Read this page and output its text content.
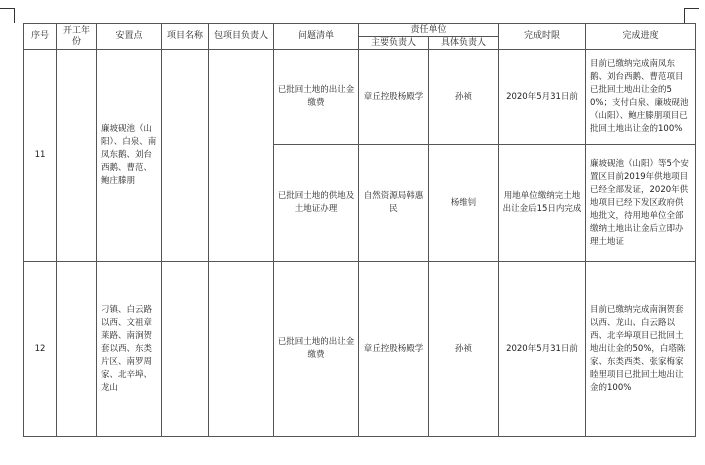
序号	开工年份	安置点	项目名称	包项目负责人	问题清单	责任单位		完成时限	完成进度
						主要负责人	具体负责人		
11		廉坡砚池（山阳）、白泉、南凤东鹅、刘台西鹅、曹范、鲍庄滕朋			已批回土地的出让金缴费	章丘控股杨殿学	孙祯	2020年5月31日前	目前已缴纳完成南凤东鹅、刘台西鹅、曹范项目已批回土地出让金的50%；支付白泉、廉坡砚池（山阳）、鲍庄滕朋项目已批回土地出让金的100%
					已批回土地的供地及土地证办理	自然资源局韩惠民	杨维钊	用地单位缴纳完土地出让金后15日内完成	廉坡砚池（山阳）等5个安置区目前2019年供地项目已经全部发证，2020年供地项目已经下发区政府供地批文，待用地单位全部缴纳土地出让金后立即办理土地证
12		刁镇、白云路以西、文祖章莱路、南涧贺套以西、东类片区、南罗周家、北辛埠、龙山			已批回土地的出让金缴费	章丘控股杨殿学	孙祯	2020年5月31日前	目前已缴纳完成南涧贺套以西、龙山、白云路以西、北辛埠项目已批回土地出让金的50%，白塔陈家、东类西类、张家梅家睦里项目已批回土地出让金的100%
